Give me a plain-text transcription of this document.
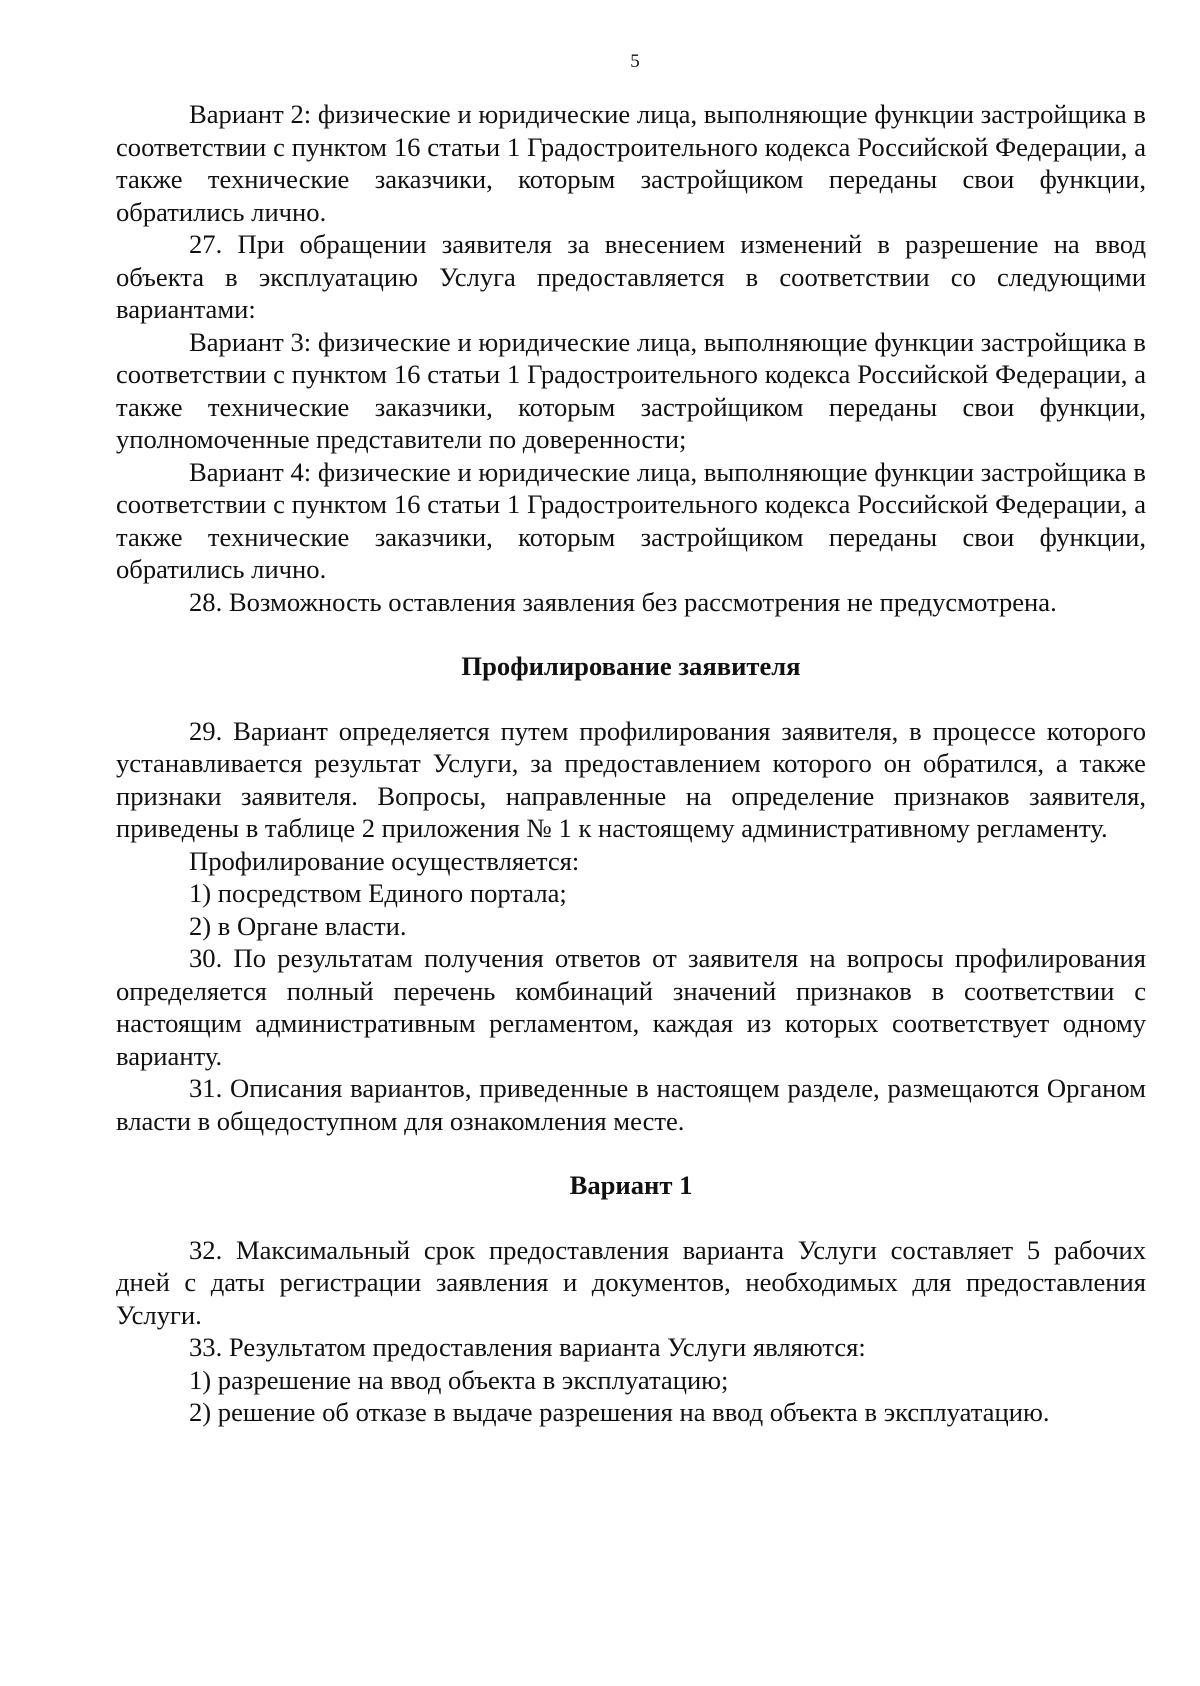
5

Вариант 2: физические и юридические лица, выполняющие функции застройщика в соответствии с пунктом 16 статьи 1 Градостроительного кодекса Российской Федерации, а также технические заказчики, которым застройщиком переданы свои функции, обратились лично.

27. При обращении заявителя за внесением изменений в разрешение на ввод объекта в эксплуатацию Услуга предоставляется в соответствии со следующими вариантами:

Вариант 3: физические и юридические лица, выполняющие функции застройщика в соответствии с пунктом 16 статьи 1 Градостроительного кодекса Российской Федерации, а также технические заказчики, которым застройщиком переданы свои функции, уполномоченные представители по доверенности;

Вариант 4: физические и юридические лица, выполняющие функции застройщика в соответствии с пунктом 16 статьи 1 Градостроительного кодекса Российской Федерации, а также технические заказчики, которым застройщиком переданы свои функции, обратились лично.

28. Возможность оставления заявления без рассмотрения не предусмотрена.

Профилирование заявителя

29. Вариант определяется путем профилирования заявителя, в процессе которого устанавливается результат Услуги, за предоставлением которого он обратился, а также признаки заявителя. Вопросы, направленные на определение признаков заявителя, приведены в таблице 2 приложения № 1 к настоящему административному регламенту.

Профилирование осуществляется:

1) посредством Единого портала;

2) в Органе власти.

30. По результатам получения ответов от заявителя на вопросы профилирования определяется полный перечень комбинаций значений признаков в соответствии с настоящим административным регламентом, каждая из которых соответствует одному варианту.

31. Описания вариантов, приведенные в настоящем разделе, размещаются Органом власти в общедоступном для ознакомления месте.

Вариант 1

32. Максимальный срок предоставления варианта Услуги составляет 5 рабочих дней с даты регистрации заявления и документов, необходимых для предоставления Услуги.

33. Результатом предоставления варианта Услуги являются:

1) разрешение на ввод объекта в эксплуатацию;

2) решение об отказе в выдаче разрешения на ввод объекта в эксплуатацию.
